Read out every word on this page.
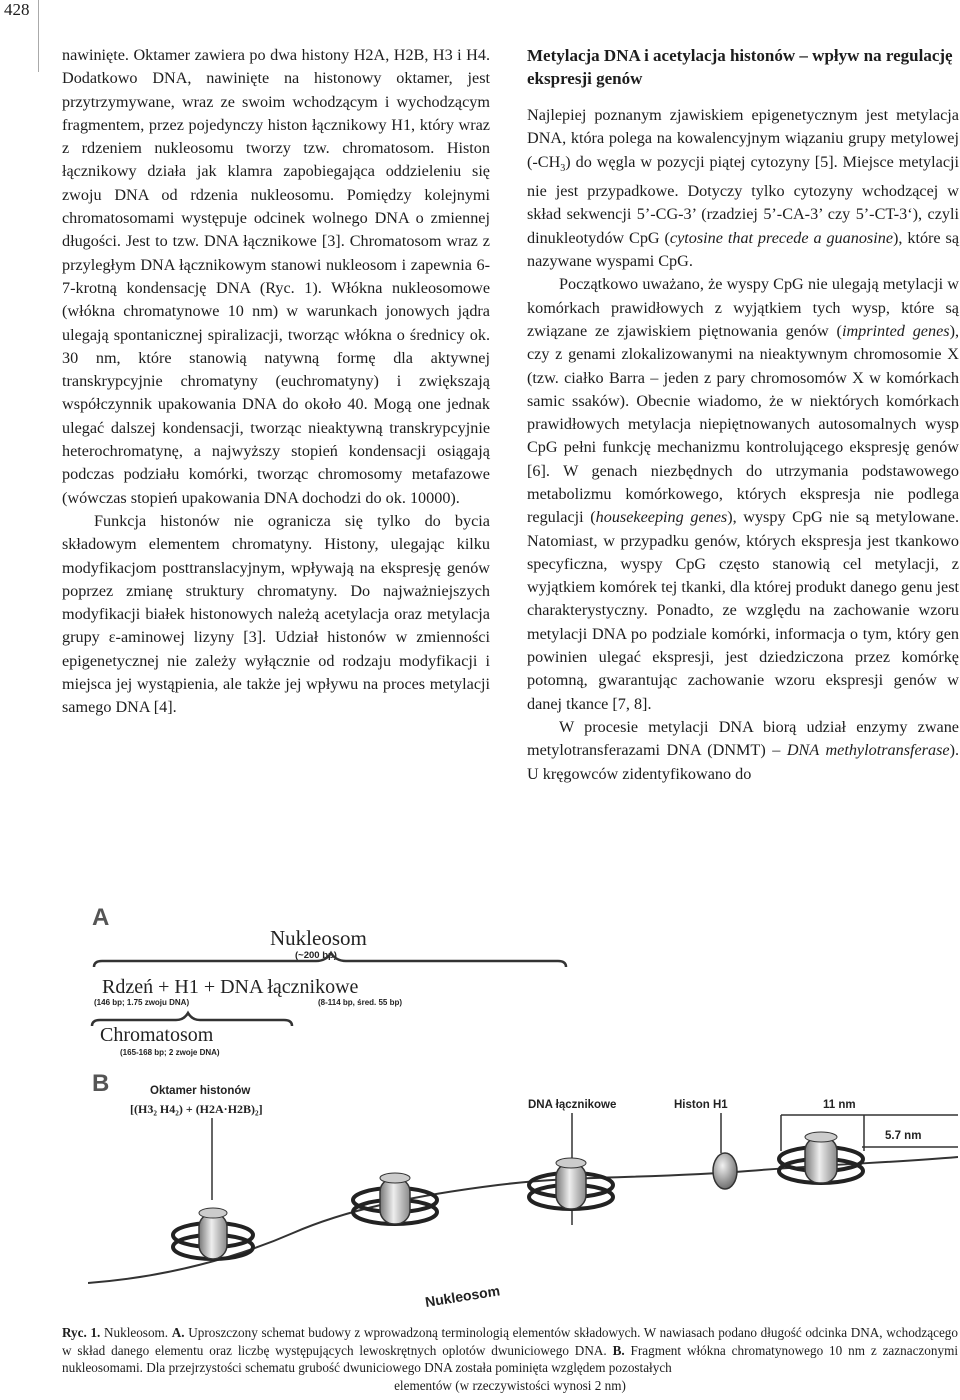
428

nawinięte. Oktamer zawiera po dwa histony H2A, H2B, H3 i H4. Dodatkowo DNA, nawinięte na histonowy oktamer, jest przytrzymywane, wraz ze swoim wchodzącym i wychodzącym fragmentem, przez pojedynczy histon łącznikowy H1, który wraz z rdzeniem nukleosomu tworzy tzw. chromatosom. Histon łącznikowy działa jak klamra zapobiegająca oddzieleniu się zwoju DNA od rdzenia nukleosomu. Pomiędzy kolejnymi chromatosomami występuje odcinek wolnego DNA o zmiennej długości. Jest to tzw. DNA łącznikowe [3]. Chromatosom wraz z przyległym DNA łącznikowym stanowi nukleosom i zapewnia 6-7-krotną kondensację DNA (Ryc. 1). Włókna nukleosomowe (włókna chromatynowe 10 nm) w warunkach jonowych jądra ulegają spontanicznej spiralizacji, tworząc włókna o średnicy ok. 30 nm, które stanowią natywną formę dla aktywnej transkrypcyjnie chromatyny (euchromatyny) i zwiększają współczynnik upakowania DNA do około 40. Mogą one jednak ulegać dalszej kondensacji, tworząc nieaktywną transkrypcyjnie heterochromatynę, a najwyższy stopień kondensacji osiągają podczas podziału komórki, tworząc chromosomy metafazowe (wówczas stopień upakowania DNA dochodzi do ok. 10000).

Funkcja histonów nie ogranicza się tylko do bycia składowym elementem chromatyny. Histony, ulegając kilku modyfikacjom posttranslacyjnym, wpływają na ekspresję genów poprzez zmianę struktury chromatyny. Do najważniejszych modyfikacji białek histonowych należą acetylacja oraz metylacja grupy ε-aminowej lizyny [3]. Udział histonów w zmienności epigenetycznej nie zależy wyłącznie od rodzaju modyfikacji i miejsca jej wystąpienia, ale także jej wpływu na proces metylacji samego DNA [4].

Metylacja DNA i acetylacja histonów – wpływ na regulację ekspresji genów

Najlepiej poznanym zjawiskiem epigenetycznym jest metylacja DNA, która polega na kowalencyjnym wiązaniu grupy metylowej $(-CH_3)$ do węgla w pozycji piątej cytozyny [5]. Miejsce metylacji nie jest przypadkowe. Dotyczy tylko cytozyny wchodzącej w skład sekwencji 5’-CG-3’ (rzadziej 5’-CA-3’ czy 5’-CT-3‘), czyli dinukleotydów CpG (cytosine that precede a guanosine), które są nazywane wyspami CpG.

Początkowo uważano, że wyspy CpG nie ulegają metylacji w komórkach prawidłowych z wyjątkiem tych wysp, które są związane ze zjawiskiem piętnowania genów (imprinted genes), czy z genami zlokalizowanymi na nieaktywnym chromosomie X (tzw. ciałko Barra – jeden z pary chromosomów X w komórkach samic ssaków). Obecnie wiadomo, że w niektórych komórkach prawidłowych metylacja niepiętnowanych autosomalnych wysp CpG pełni funkcję mechanizmu kontrolującego ekspresję genów [6]. W genach niezbędnych do utrzymania podstawowego metabolizmu komórkowego, których ekspresja nie podlega regulacji (housekeeping genes), wyspy CpG nie są metylowane. Natomiast, w przypadku genów, których ekspresja jest tkankowo specyficzna, wyspy CpG często stanowią cel metylacji, z wyjątkiem komórek tej tkanki, dla której produkt danego genu jest charakterystyczny. Ponadto, ze względu na zachowanie wzoru metylacji DNA po podziale komórki, informacja o tym, który gen powinien ulegać ekspresji, jest dziedziczona przez komórkę potomną, gwarantując zachowanie wzoru ekspresji genów w danej tkance [7, 8].

W procesie metylacji DNA biorą udział enzymy zwane metylotransferazami DNA (DNMT) – DNA methylotransferase). U kręgowców zidentyfikowano do

A
Nukleosom
(~200 bp)
Rdzeń + H1 + DNA łącznikowe
(146 bp; 1.75 zwoju DNA)	(8-114 bp, śred. 55 bp)
Chromatosom
(165-168 bp; 2 zwoje DNA)
B	Oktamer histonów
[(H3₂ H4₂) + (H2A·H2B)₂]	DNA łącznikowe	Histon H1	11 nm
5.7 nm
Nukleosom

Ryc. 1. Nukleosom. A. Uproszczony schemat budowy z wprowadzoną terminologią elementów składowych. W nawiasach podano długość odcinka DNA, wchodzącego w skład danego elementu oraz liczbę występujących lewoskrętnych oplotów dwuniciowego DNA. B. Fragment włókna chromatynowego 10 nm z zaznaczonymi nukleosomami. Dla przejrzystości schematu grubość dwuniciowego DNA została pominięta względem pozostałych

elementów (w rzeczywistości wynosi 2 nm)
